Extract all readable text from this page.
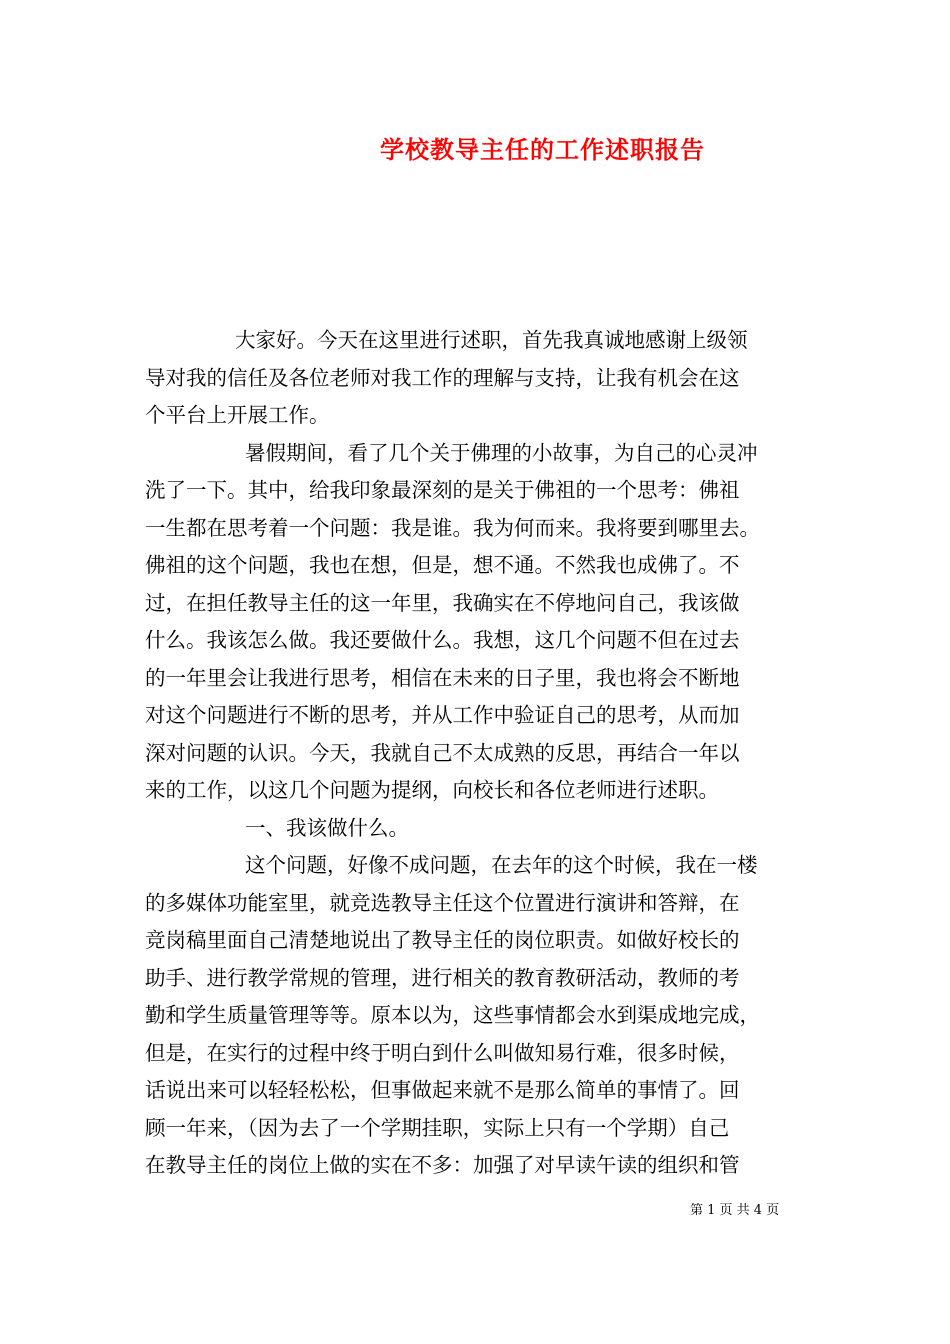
学校教导主任的工作述职报告
大家好。今天在这里进行述职，首先我真诚地感谢上级领
导对我的信任及各位老师对我工作的理解与支持，让我有机会在这
个平台上开展工作。
暑假期间，看了几个关于佛理的小故事，为自己的心灵冲
洗了一下。其中，给我印象最深刻的是关于佛祖的一个思考：佛祖
一生都在思考着一个问题：我是谁。我为何而来。我将要到哪里去。
佛祖的这个问题，我也在想，但是，想不通。不然我也成佛了。不
过，在担任教导主任的这一年里，我确实在不停地问自己，我该做
什么。我该怎么做。我还要做什么。我想，这几个问题不但在过去
的一年里会让我进行思考，相信在未来的日子里，我也将会不断地
对这个问题进行不断的思考，并从工作中验证自己的思考，从而加
深对问题的认识。今天，我就自己不太成熟的反思，再结合一年以
来的工作，以这几个问题为提纲，向校长和各位老师进行述职。
一、我该做什么。
这个问题，好像不成问题，在去年的这个时候，我在一楼
的多媒体功能室里，就竞选教导主任这个位置进行演讲和答辩，在
竞岗稿里面自己清楚地说出了教导主任的岗位职责。如做好校长的
助手、进行教学常规的管理，进行相关的教育教研活动，教师的考
勤和学生质量管理等等。原本以为，这些事情都会水到渠成地完成，
但是，在实行的过程中终于明白到什么叫做知易行难，很多时候，
话说出来可以轻轻松松，但事做起来就不是那么简单的事情了。回
顾一年来，（因为去了一个学期挂职，实际上只有一个学期）自己
在教导主任的岗位上做的实在不多：加强了对早读午读的组织和管
第 1 页 共 4 页
